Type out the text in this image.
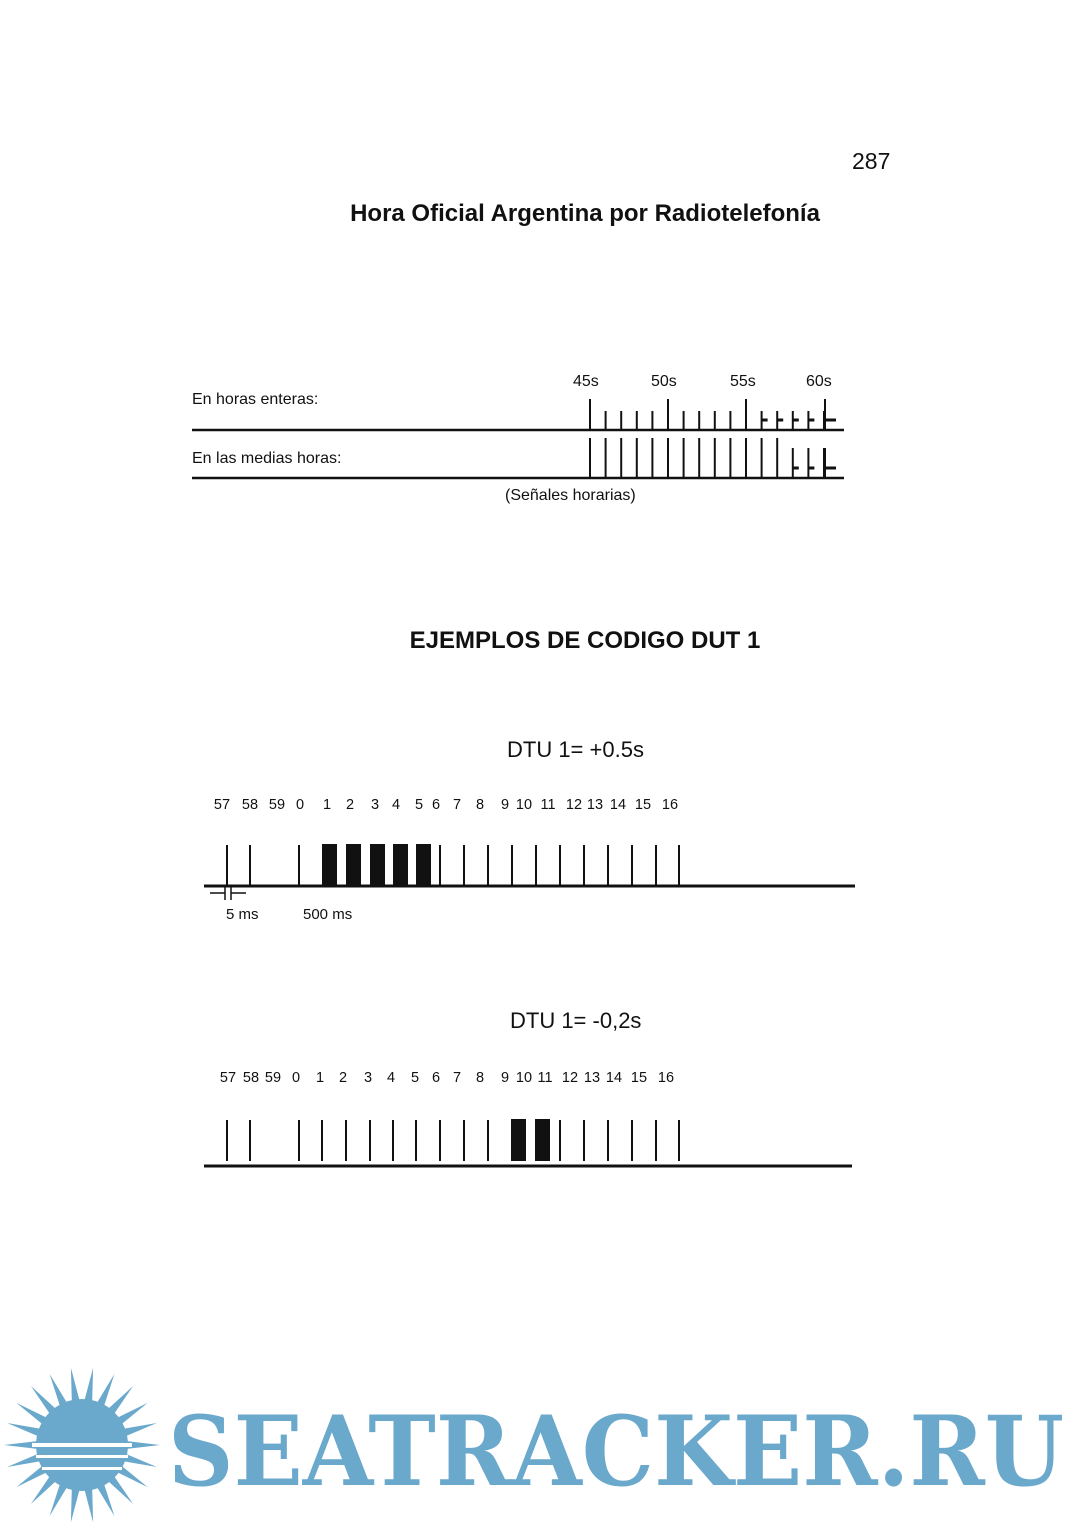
287
Hora Oficial Argentina por Radiotelefonía
En horas enteras:
En las medias horas:
45s	50s	55s	60s
(Señales horarias)
EJEMPLOS DE CODIGO DUT 1
DTU 1= +0.5s
57 58 59 0	1	2	3 4	5 6 7	8	9 10 11 12 13 14 15 16
5 ms	500 ms
DTU 1= -0,2s
57 58 59 0	1	2	3	4	5 6 7	8	9 10 11 12 13 14 15 16
SEATRACKER.RU
